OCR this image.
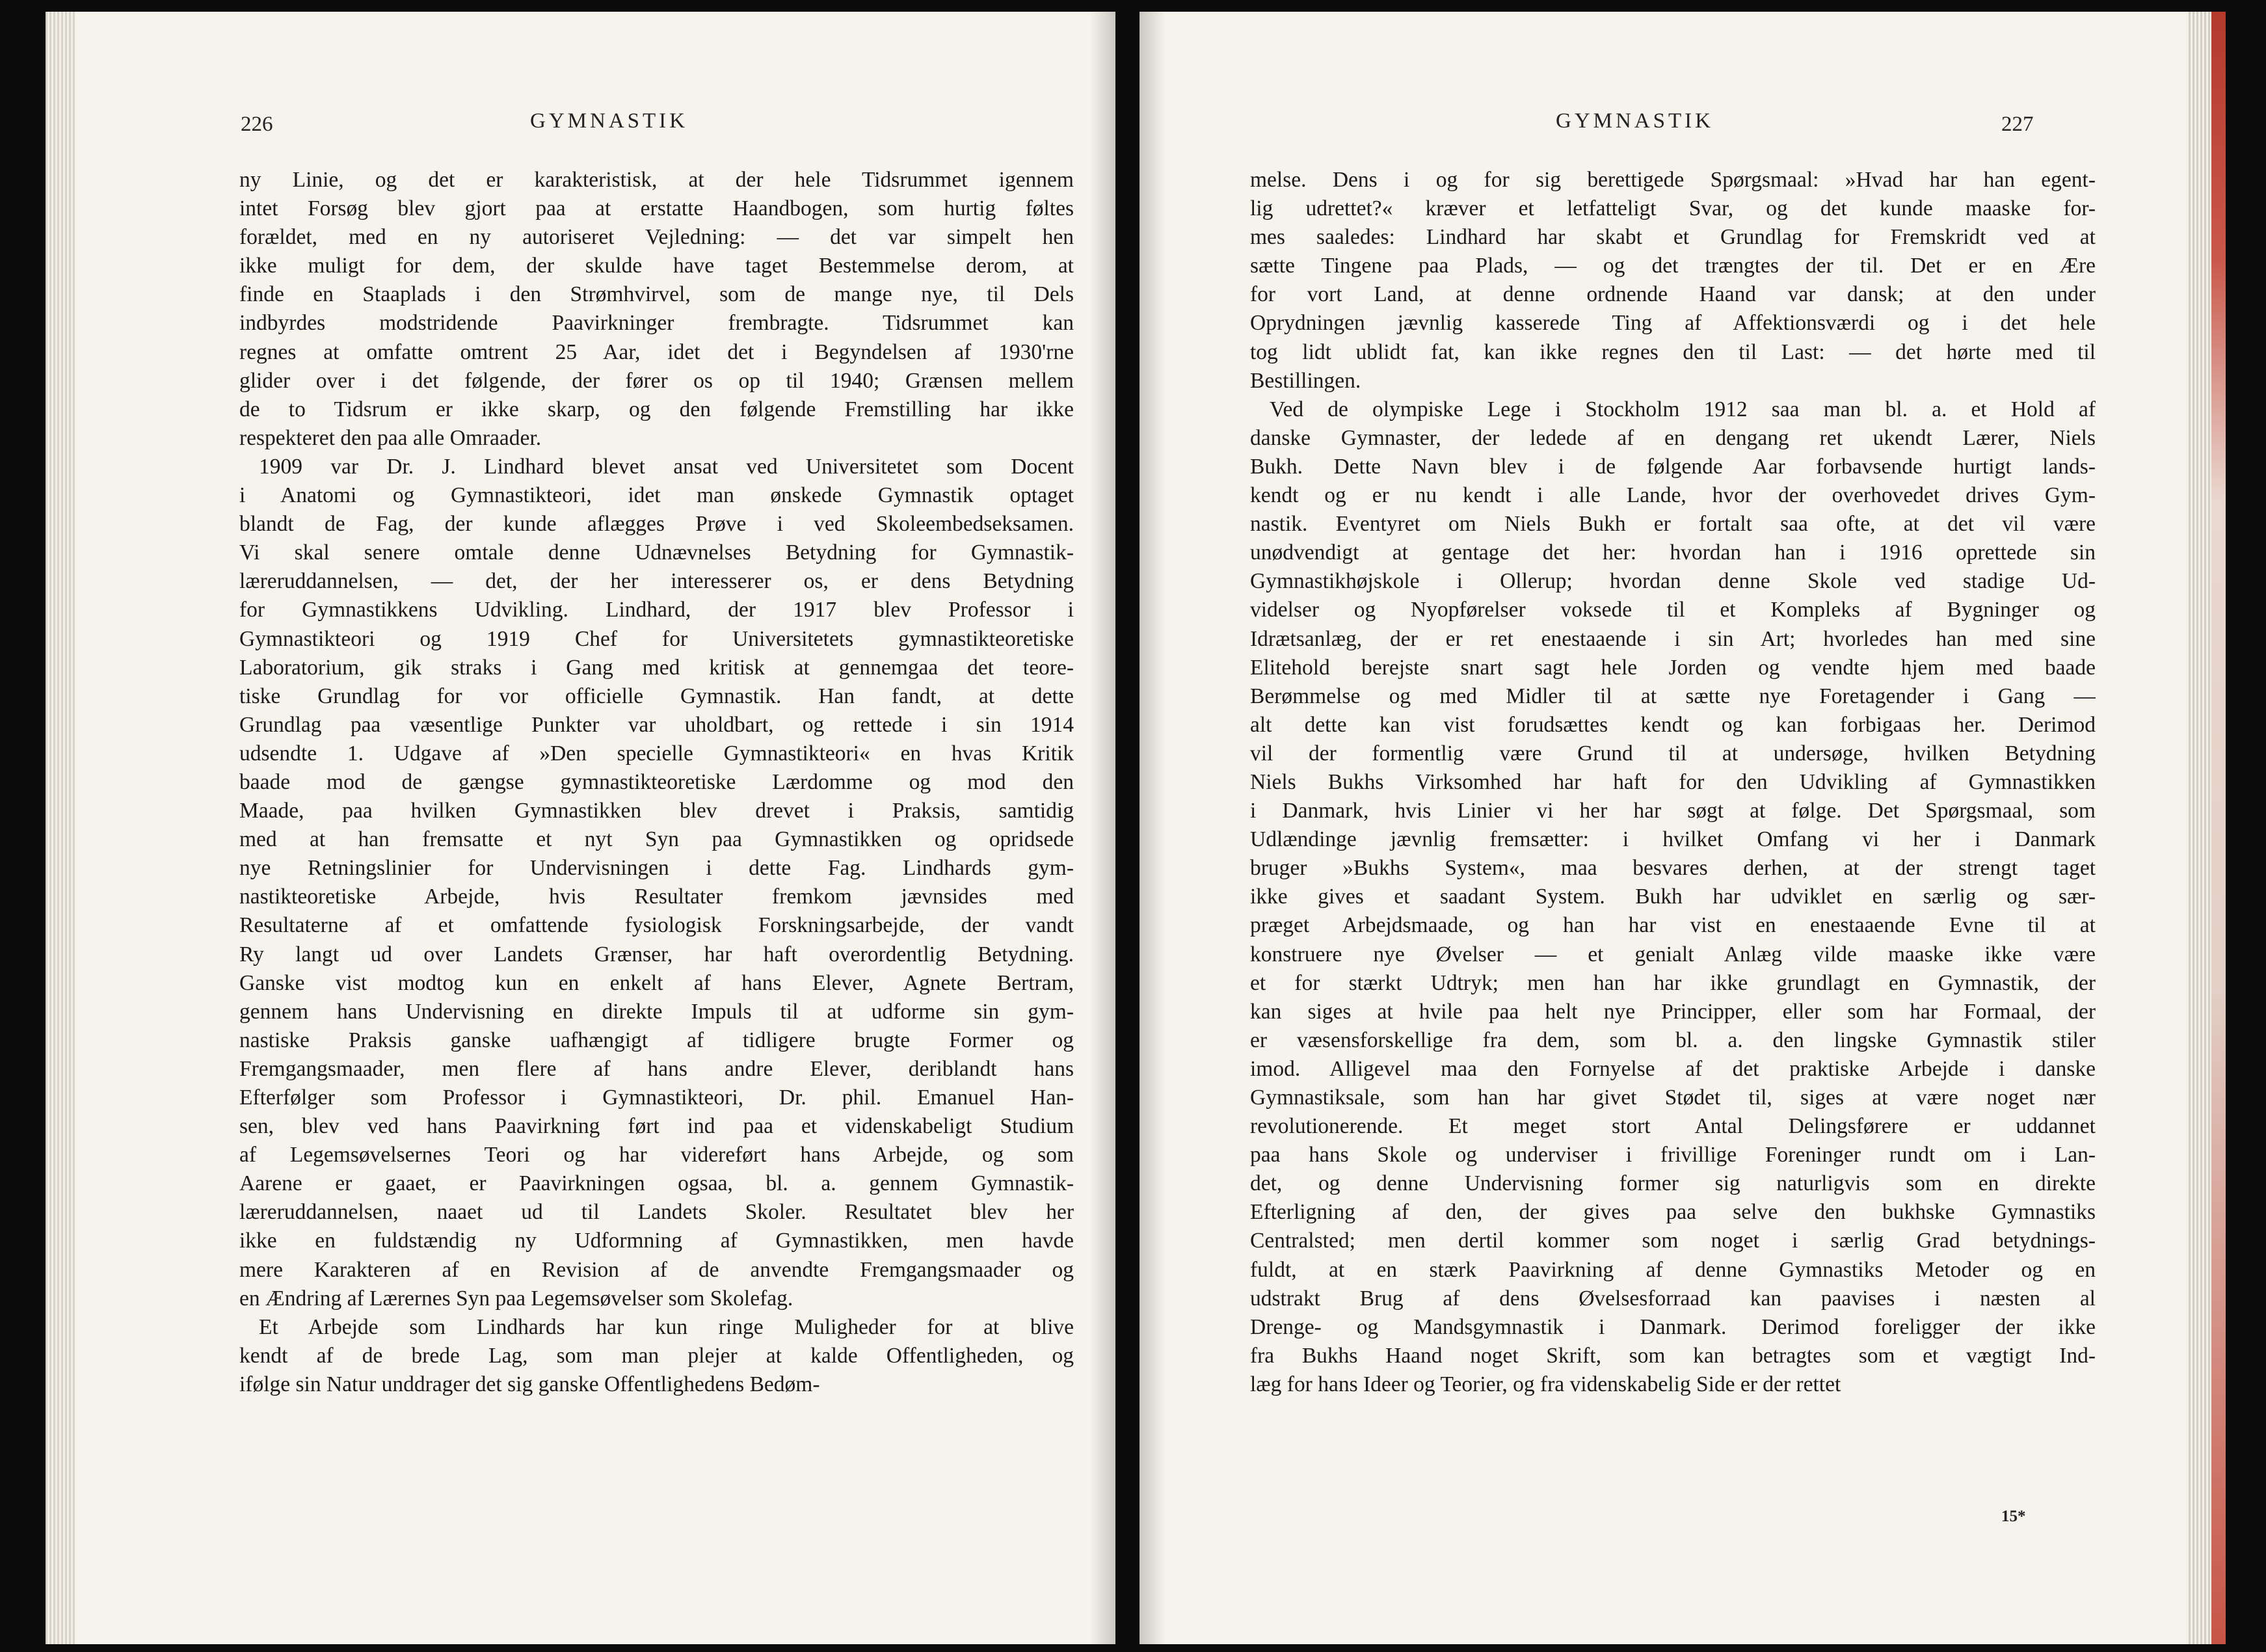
226	GYMNASTIK
ny Linie, og det er karakteristisk, at der hele Tidsrummet igennem
intet Forsøg blev gjort paa at erstatte Haandbogen, som hurtig føltes
forældet, med en ny autoriseret Vejledning: — det var simpelt hen
ikke muligt for dem, der skulde have taget Bestemmelse derom, at
finde en Staaplads i den Strømhvirvel, som de mange nye, til Dels
indbyrdes modstridende Paavirkninger frembragte. Tidsrummet kan
regnes at omfatte omtrent 25 Aar, idet det i Begyndelsen af 1930'rne
glider over i det følgende, der fører os op til 1940; Grænsen mellem
de to Tidsrum er ikke skarp, og den følgende Fremstilling har ikke
respekteret den paa alle Omraader.
1909 var Dr. J. Lindhard blevet ansat ved Universitetet som Docent
i Anatomi og Gymnastikteori, idet man ønskede Gymnastik optaget
blandt de Fag, der kunde aflægges Prøve i ved Skoleembedseksamen.
Vi skal senere omtale denne Udnævnelses Betydning for Gymnastik-
læreruddannelsen, — det, der her interesserer os, er dens Betydning
for Gymnastikkens Udvikling. Lindhard, der 1917 blev Professor i
Gymnastikteori og 1919 Chef for Universitetets gymnastikteoretiske
Laboratorium, gik straks i Gang med kritisk at gennemgaa det teore-
tiske Grundlag for vor officielle Gymnastik. Han fandt, at dette
Grundlag paa væsentlige Punkter var uholdbart, og rettede i sin 1914
udsendte 1. Udgave af »Den specielle Gymnastikteori« en hvas Kritik
baade mod de gængse gymnastikteoretiske Lærdomme og mod den
Maade, paa hvilken Gymnastikken blev drevet i Praksis, samtidig
med at han fremsatte et nyt Syn paa Gymnastikken og opridsede
nye Retningslinier for Undervisningen i dette Fag. Lindhards gym-
nastikteoretiske Arbejde, hvis Resultater fremkom jævnsides med
Resultaterne af et omfattende fysiologisk Forskningsarbejde, der vandt
Ry langt ud over Landets Grænser, har haft overordentlig Betydning.
Ganske vist modtog kun en enkelt af hans Elever, Agnete Bertram,
gennem hans Undervisning en direkte Impuls til at udforme sin gym-
nastiske Praksis ganske uafhængigt af tidligere brugte Former og
Fremgangsmaader, men flere af hans andre Elever, deriblandt hans
Efterfølger som Professor i Gymnastikteori, Dr. phil. Emanuel Han-
sen, blev ved hans Paavirkning ført ind paa et videnskabeligt Studium
af Legemsøvelsernes Teori og har videreført hans Arbejde, og som
Aarene er gaaet, er Paavirkningen ogsaa, bl. a. gennem Gymnastik-
læreruddannelsen, naaet ud til Landets Skoler. Resultatet blev her
ikke en fuldstændig ny Udformning af Gymnastikken, men havde
mere Karakteren af en Revision af de anvendte Fremgangsmaader og
en Ændring af Lærernes Syn paa Legemsøvelser som Skolefag.
Et Arbejde som Lindhards har kun ringe Muligheder for at blive
kendt af de brede Lag, som man plejer at kalde Offentligheden, og
ifølge sin Natur unddrager det sig ganske Offentlighedens Bedøm-
GYMNASTIK	227
melse. Dens i og for sig berettigede Spørgsmaal: »Hvad har han egent-
lig udrettet?« kræver et letfatteligt Svar, og det kunde maaske for-
mes saaledes: Lindhard har skabt et Grundlag for Fremskridt ved at
sætte Tingene paa Plads, — og det trængtes der til. Det er en Ære
for vort Land, at denne ordnende Haand var dansk; at den under
Oprydningen jævnlig kasserede Ting af Affektionsværdi og i det hele
tog lidt ublidt fat, kan ikke regnes den til Last: — det hørte med til
Bestillingen.
Ved de olympiske Lege i Stockholm 1912 saa man bl. a. et Hold af
danske Gymnaster, der ledede af en dengang ret ukendt Lærer, Niels
Bukh. Dette Navn blev i de følgende Aar forbavsende hurtigt lands-
kendt og er nu kendt i alle Lande, hvor der overhovedet drives Gym-
nastik. Eventyret om Niels Bukh er fortalt saa ofte, at det vil være
unødvendigt at gentage det her: hvordan han i 1916 oprettede sin
Gymnastikhøjskole i Ollerup; hvordan denne Skole ved stadige Ud-
videlser og Nyopførelser voksede til et Kompleks af Bygninger og
Idrætsanlæg, der er ret enestaaende i sin Art; hvorledes han med sine
Elitehold berejste snart sagt hele Jorden og vendte hjem med baade
Berømmelse og med Midler til at sætte nye Foretagender i Gang —
alt dette kan vist forudsættes kendt og kan forbigaas her. Derimod
vil der formentlig være Grund til at undersøge, hvilken Betydning
Niels Bukhs Virksomhed har haft for den Udvikling af Gymnastikken
i Danmark, hvis Linier vi her har søgt at følge. Det Spørgsmaal, som
Udlændinge jævnlig fremsætter: i hvilket Omfang vi her i Danmark
bruger »Bukhs System«, maa besvares derhen, at der strengt taget
ikke gives et saadant System. Bukh har udviklet en særlig og sær-
præget Arbejdsmaade, og han har vist en enestaaende Evne til at
konstruere nye Øvelser — et genialt Anlæg vilde maaske ikke være
et for stærkt Udtryk; men han har ikke grundlagt en Gymnastik, der
kan siges at hvile paa helt nye Principper, eller som har Formaal, der
er væsensforskellige fra dem, som bl. a. den lingske Gymnastik stiler
imod. Alligevel maa den Fornyelse af det praktiske Arbejde i danske
Gymnastiksale, som han har givet Stødet til, siges at være noget nær
revolutionerende. Et meget stort Antal Delingsførere er uddannet
paa hans Skole og underviser i frivillige Foreninger rundt om i Lan-
det, og denne Undervisning former sig naturligvis som en direkte
Efterligning af den, der gives paa selve den bukhske Gymnastiks
Centralsted; men dertil kommer som noget i særlig Grad betydnings-
fuldt, at en stærk Paavirkning af denne Gymnastiks Metoder og en
udstrakt Brug af dens Øvelsesforraad kan paavises i næsten al
Drenge- og Mandsgymnastik i Danmark. Derimod foreligger der ikke
fra Bukhs Haand noget Skrift, som kan betragtes som et vægtigt Ind-
læg for hans Ideer og Teorier, og fra videnskabelig Side er der rettet
15*
